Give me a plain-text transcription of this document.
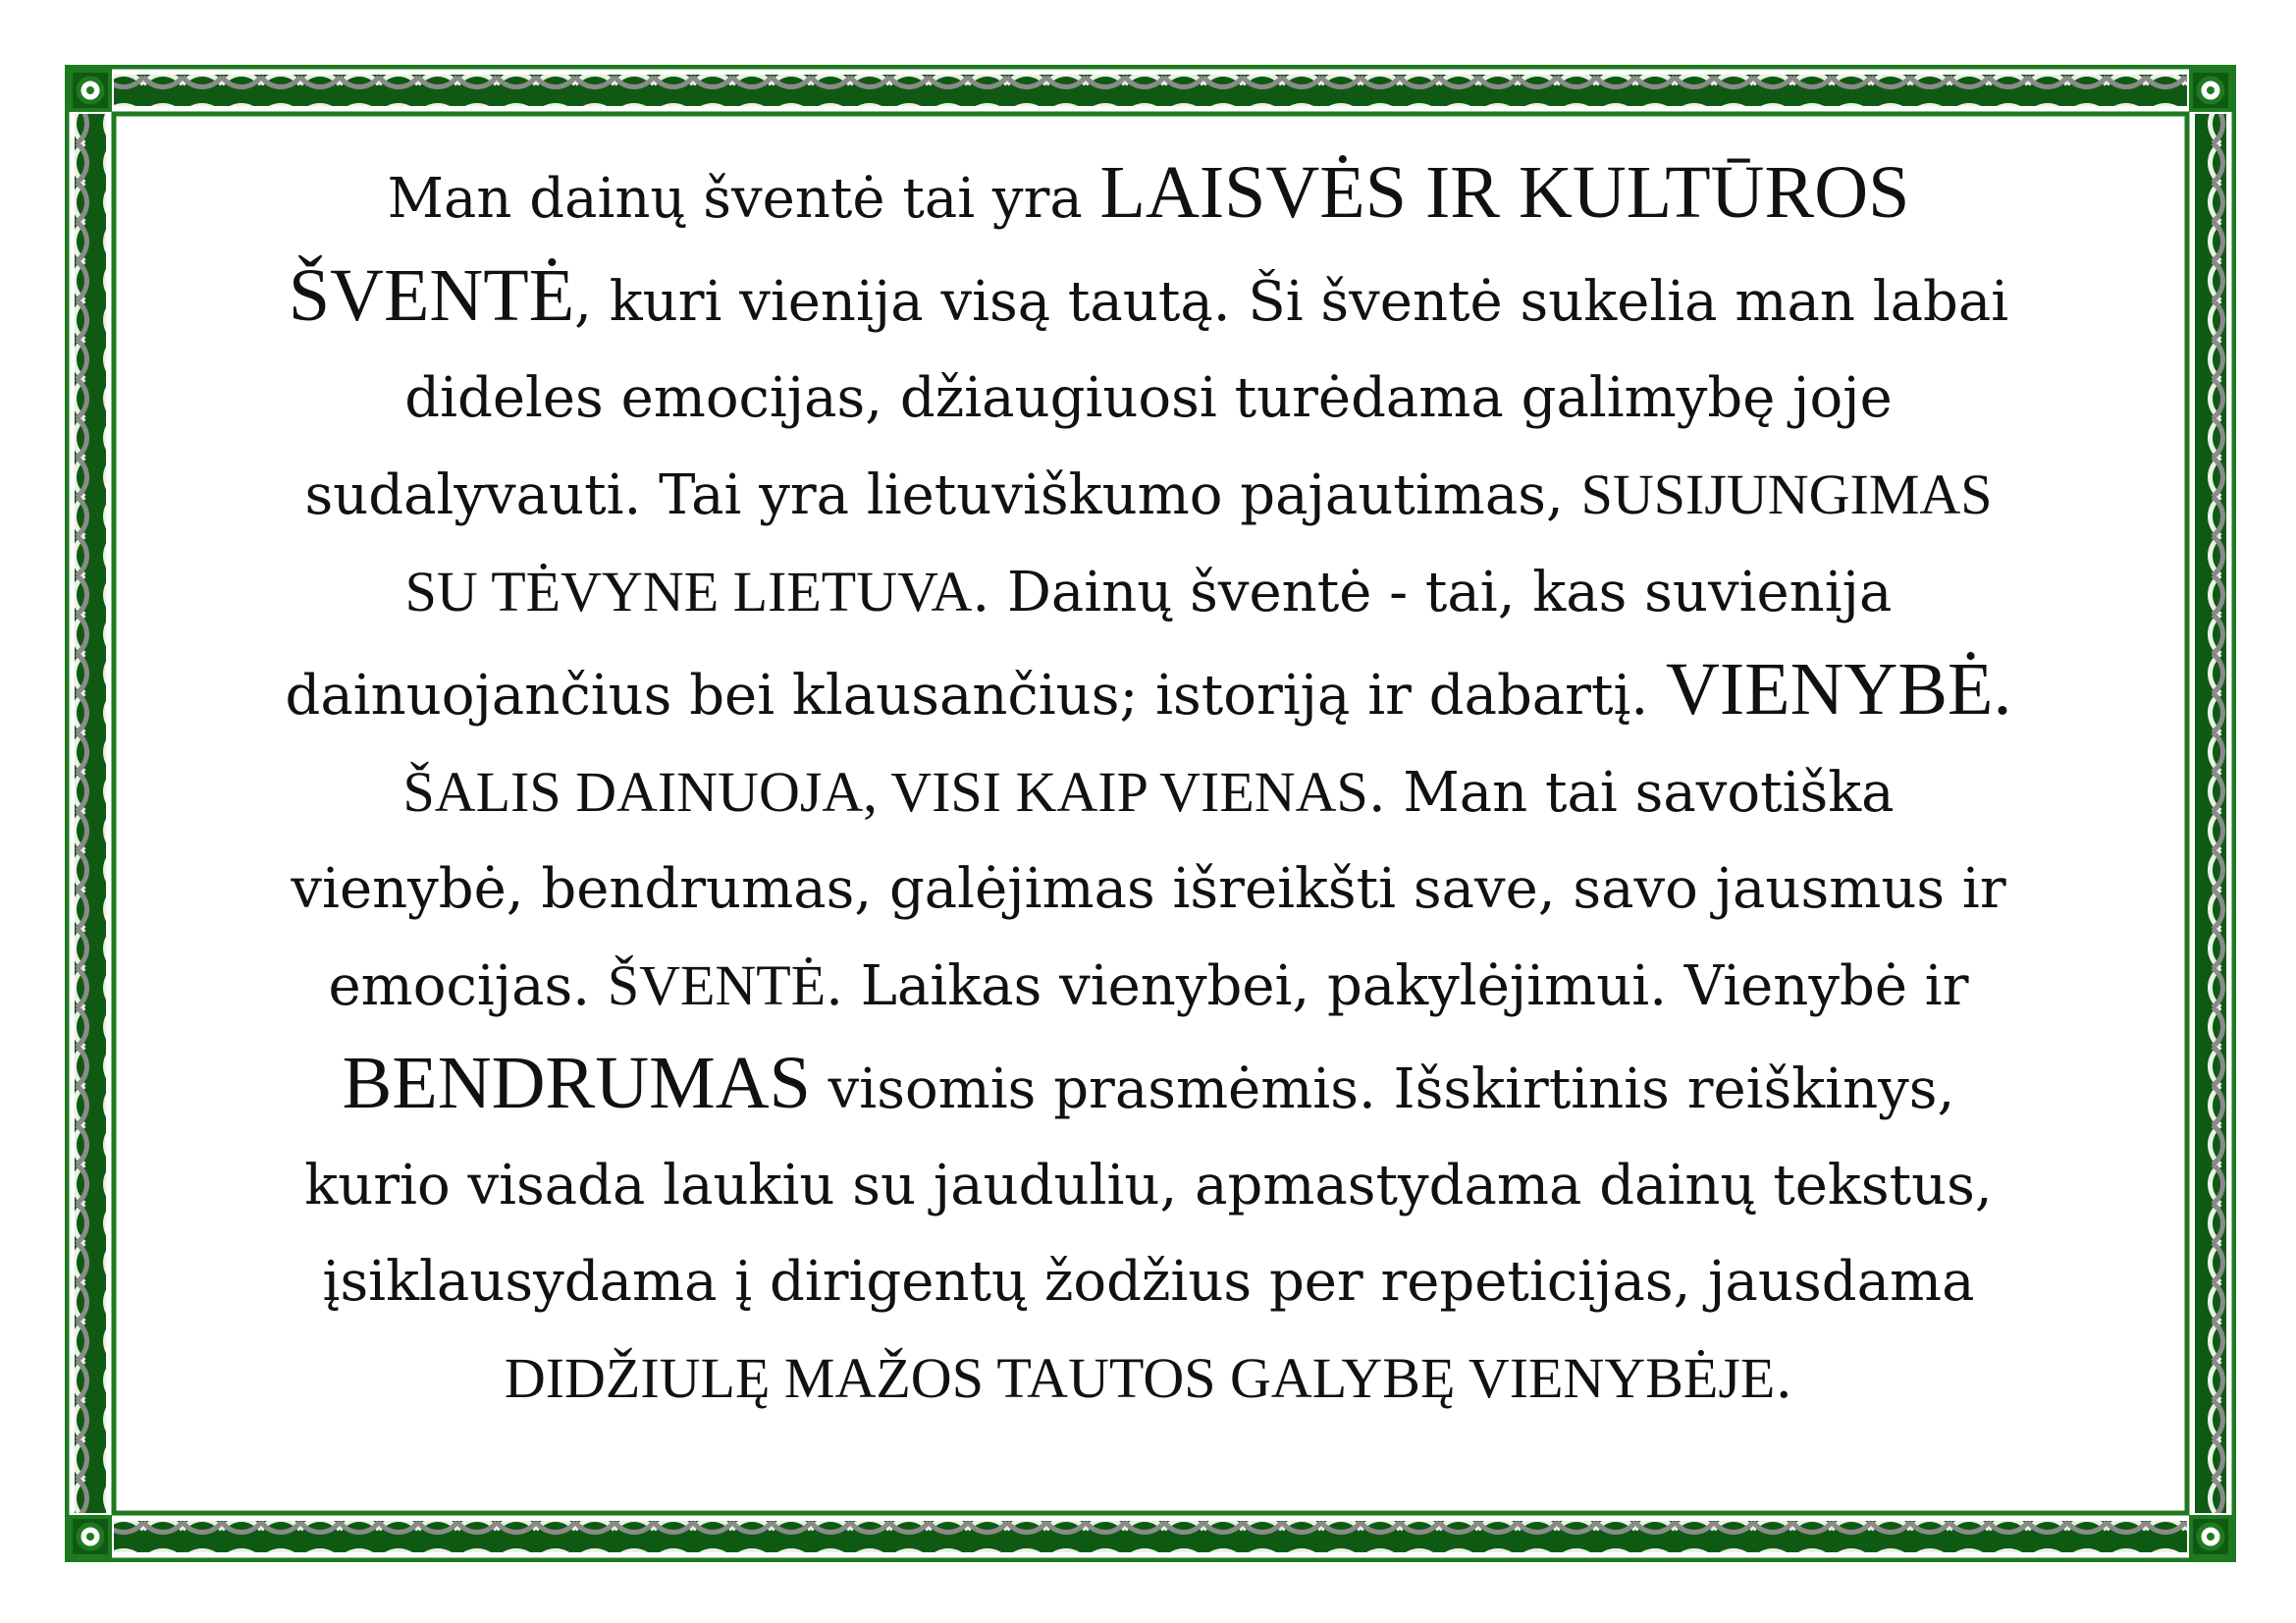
Man dainų šventė tai yra LAISVĖS IR KULTŪROS
ŠVENTĖ, kuri vienija visą tautą. Ši šventė sukelia man labai
dideles emocijas, džiaugiuosi turėdama galimybę joje
sudalyvauti. Tai yra lietuviškumo pajautimas, SUSIJUNGIMAS
SU TĖVYNE LIETUVA. Dainų šventė - tai, kas suvienija
dainuojančius bei klausančius; istoriją ir dabartį. VIENYBĖ.
ŠALIS DAINUOJA, VISI KAIP VIENAS. Man tai savotiška
vienybė, bendrumas, galėjimas išreikšti save, savo jausmus ir
emocijas. ŠVENTĖ. Laikas vienybei, pakylėjimui. Vienybė ir
BENDRUMAS visomis prasmėmis. Išskirtinis reiškinys,
kurio visada laukiu su jauduliu, apmastydama dainų tekstus,
įsiklausydama į dirigentų žodžius per repeticijas, jausdama
DIDŽIULĘ MAŽOS TAUTOS GALYBĘ VIENYBĖJE.
